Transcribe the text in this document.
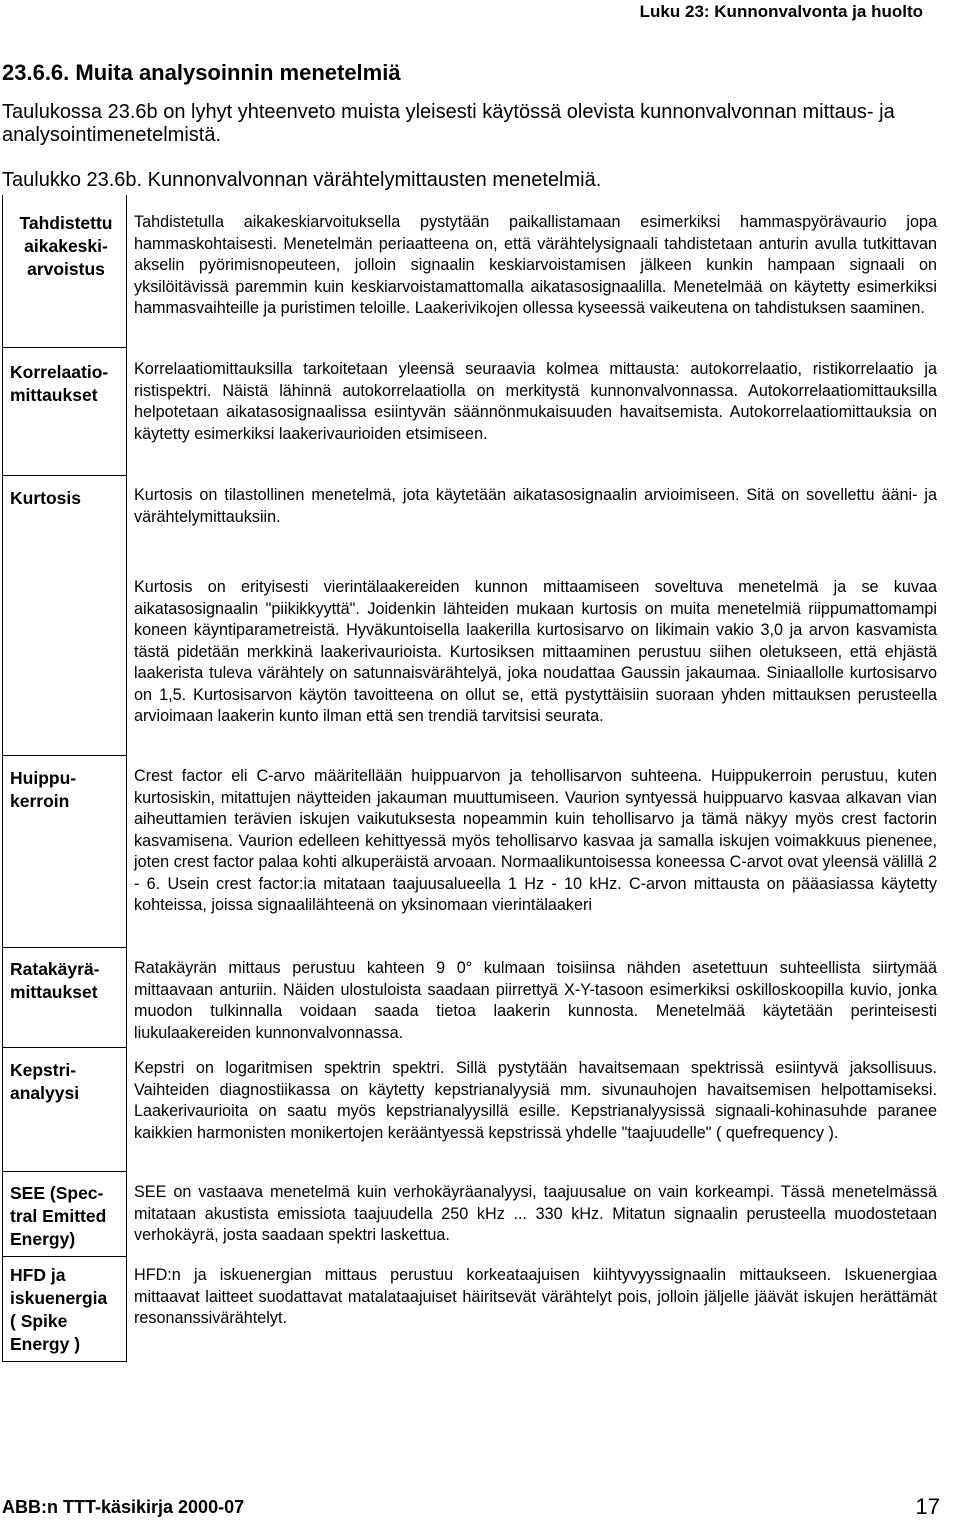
Luku 23: Kunnonvalvonta ja huolto
23.6.6. Muita analysoinnin menetelmiä

Taulukossa 23.6b on lyhyt yhteenveto muista yleisesti käytössä olevista kunnonvalvonnan mittaus- ja analysointimenetelmistä.

Taulukko 23.6b. Kunnonvalvonnan värähtelymittausten menetelmiä.

Tahdistettu
aikakeski-
arvoistus

Tahdistetulla aikakeskiarvoituksella pystytään paikallistamaan esimerkiksi hammaspyörävaurio jopa hammaskohtaisesti. Menetelmän periaatteena on, että värähtelysignaali tahdistetaan anturin avulla tutkittavan akselin pyörimisnopeuteen, jolloin signaalin keskiarvoistamisen jälkeen kunkin hampaan signaali on yksilöitävissä paremmin kuin keskiarvoistamattomalla aikatasosignaalilla. Menetelmää on käytetty esimerkiksi hammasvaihteille ja puristimen teloille. Laakerivikojen ollessa kyseessä vaikeutena on tahdistuksen saaminen.

Korrelaatio-
mittaukset

Korrelaatiomittauksilla tarkoitetaan yleensä seuraavia kolmea mittausta: autokorrelaatio, ristikorrelaatio ja ristispektri. Näistä lähinnä autokorrelaatiolla on merkitystä kunnonvalvonnassa. Autokorrelaatiomittauksilla helpotetaan aikatasosignaalissa esiintyvän säännönmukaisuuden havaitsemista. Autokorrelaatiomittauksia on käytetty esimerkiksi laakerivaurioiden etsimiseen.

Kurtosis	Kurtosis on tilastollinen menetelmä, jota käytetään aikatasosignaalin arvioimiseen. Sitä on sovellettu ääni- ja värähtelymittauksiin.

Kurtosis on erityisesti vierintälaakereiden kunnon mittaamiseen soveltuva menetelmä ja se kuvaa aikatasosignaalin "piikikkyyttä". Joidenkin lähteiden mukaan kurtosis on muita menetelmiä riippumattomampi koneen käyntiparametreistä. Hyväkuntoisella laakerilla kurtosisarvo on likimain vakio 3,0 ja arvon kasvamista tästä pidetään merkkinä laakerivaurioista. Kurtosiksen mittaaminen perustuu siihen oletukseen, että ehjästä laakerista tuleva värähtely on satunnaisvärähtelyä, joka noudattaa Gaussin jakaumaa. Siniaallolle kurtosisarvo on 1,5. Kurtosisarvon käytön tavoitteena on ollut se, että pystyttäisiin suoraan yhden mittauksen perusteella arvioimaan laakerin kunto ilman että sen trendiä tarvitsisi seurata.

Huippu-
kerroin

Crest factor eli C-arvo määritellään huippuarvon ja tehollisarvon suhteena. Huippukerroin perustuu, kuten kurtosiskin, mitattujen näytteiden jakauman muuttumiseen. Vaurion syntyessä huippuarvo kasvaa alkavan vian aiheuttamien terävien iskujen vaikutuksesta nopeammin kuin tehollisarvo ja tämä näkyy myös crest factorin kasvamisena. Vaurion edelleen kehittyessä myös tehollisarvo kasvaa ja samalla iskujen voimakkuus pienenee, joten crest factor palaa kohti alkuperäistä arvoaan. Normaalikuntoisessa koneessa C-arvot ovat yleensä välillä 2 - 6. Usein crest factor:ia mitataan taajuusalueella 1 Hz - 10 kHz. C-arvon mittausta on pääasiassa käytetty kohteissa, joissa signaalilähteenä on yksinomaan vierintälaakeri

Ratakäyrä-
mittaukset

Ratakäyrän mittaus perustuu kahteen 9 0° kulmaan toisiinsa nähden asetettuun suhteellista siirtymää mittaavaan anturiin. Näiden ulostuloista saadaan piirrettyä X-Y-tasoon esimerkiksi oskilloskoopilla kuvio, jonka muodon tulkinnalla voidaan saada tietoa laakerin kunnosta. Menetelmää käytetään perinteisesti liukulaakereiden kunnonvalvonnassa.

Kepstri-
analyysi

Kepstri on logaritmisen spektrin spektri. Sillä pystytään havaitsemaan spektrissä esiintyvä jaksollisuus. Vaihteiden diagnostiikassa on käytetty kepstrianalyysiä mm. sivunauhojen havaitsemisen helpottamiseksi. Laakerivaurioita on saatu myös kepstrianalyysillä esille. Kepstrianalyysissä signaali-kohinasuhde paranee kaikkien harmonisten monikertojen kerääntyessä kepstrissä yhdelle "taajuudelle" ( quefrequency ).

SEE (Spec-
tral Emitted
Energy)

SEE on vastaava menetelmä kuin verhokäyräanalyysi, taajuusalue on vain korkeampi. Tässä menetelmässä mitataan akustista emissiota taajuudella 250 kHz ... 330 kHz. Mitatun signaalin perusteella muodostetaan verhokäyrä, josta saadaan spektri laskettua.

HFD ja
iskuenergia
( Spike
Energy )

HFD:n ja iskuenergian mittaus perustuu korkeataajuisen kiihtyvyyssignaalin mittaukseen. Iskuenergiaa mittaavat laitteet suodattavat matalataajuiset häiritsevät värähtelyt pois, jolloin jäljelle jäävät iskujen herättämät resonanssivärähtelyt.

ABB:n TTT-käsikirja 2000-07	17
